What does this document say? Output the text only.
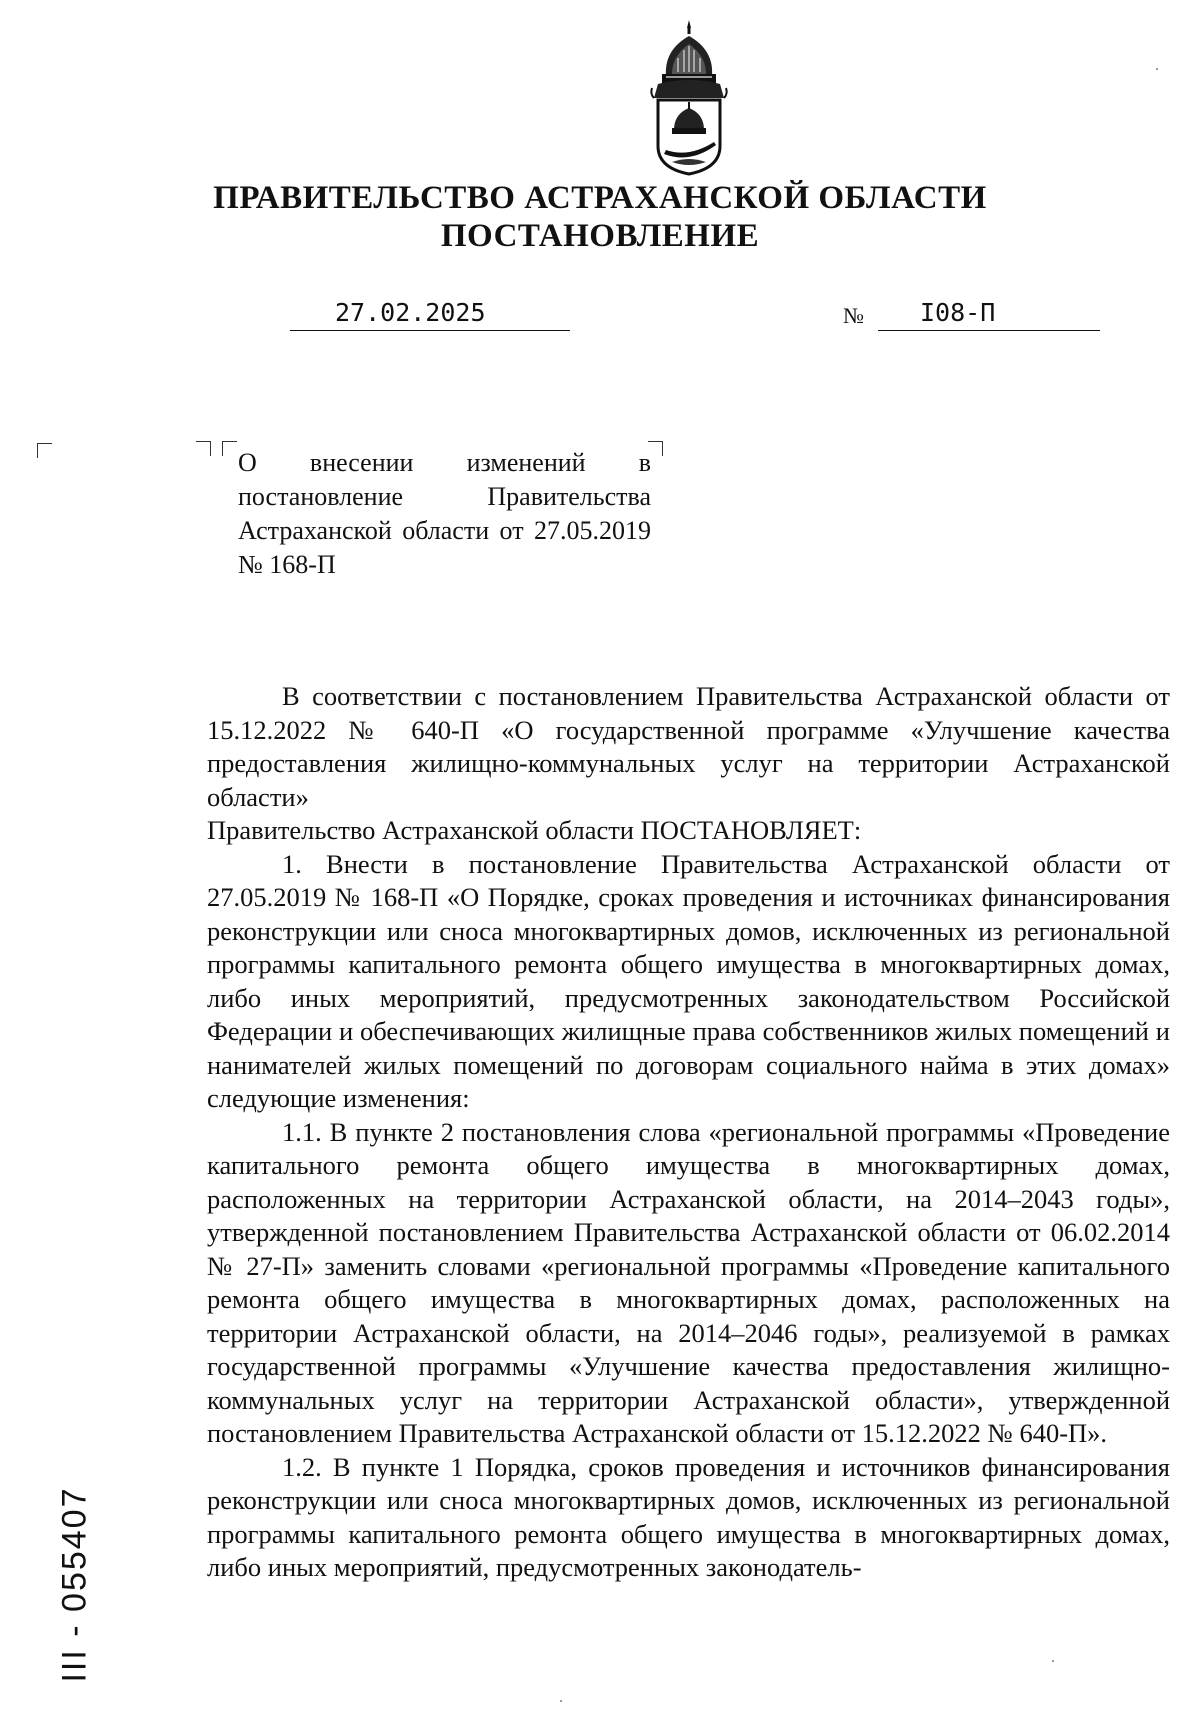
ПРАВИТЕЛЬСТВО АСТРАХАНСКОЙ ОБЛАСТИ
ПОСТАНОВЛЕНИЕ
27.02.2025	№	I08-П
О внесении изменений в постановление Правительства Астраханской области от 27.05.2019 № 168-П

В соответствии с постановлением Правительства Астраханской области от 15.12.2022 № 640-П «О государственной программе «Улучшение качества предоставления жилищно-коммунальных услуг на территории Астраханской области»

Правительство Астраханской области ПОСТАНОВЛЯЕТ:

1. Внести в постановление Правительства Астраханской области от 27.05.2019 № 168-П «О Порядке, сроках проведения и источниках финансирования реконструкции или сноса многоквартирных домов, исключенных из региональной программы капитального ремонта общего имущества в многоквартирных домах, либо иных мероприятий, предусмотренных законодательством Российской Федерации и обеспечивающих жилищные права собственников жилых помещений и нанимателей жилых помещений по договорам социального найма в этих домах» следующие изменения:

1.1. В пункте 2 постановления слова «региональной программы «Проведение капитального ремонта общего имущества в многоквартирных домах, расположенных на территории Астраханской области, на 2014–2043 годы», утвержденной постановлением Правительства Астраханской области от 06.02.2014 № 27-П» заменить словами «региональной программы «Проведение капитального ремонта общего имущества в многоквартирных домах, расположенных на территории Астраханской области, на 2014–2046 годы», реализуемой в рамках государственной программы «Улучшение качества предоставления жилищно-коммунальных услуг на территории Астраханской области», утвержденной постановлением Правительства Астраханской области от 15.12.2022 № 640-П».

1.2. В пункте 1 Порядка, сроков проведения и источников финансирования реконструкции или сноса многоквартирных домов, исключенных из региональной программы капитального ремонта общего имущества в многоквартирных домах, либо иных мероприятий, предусмотренных законодатель-

III - 055407
